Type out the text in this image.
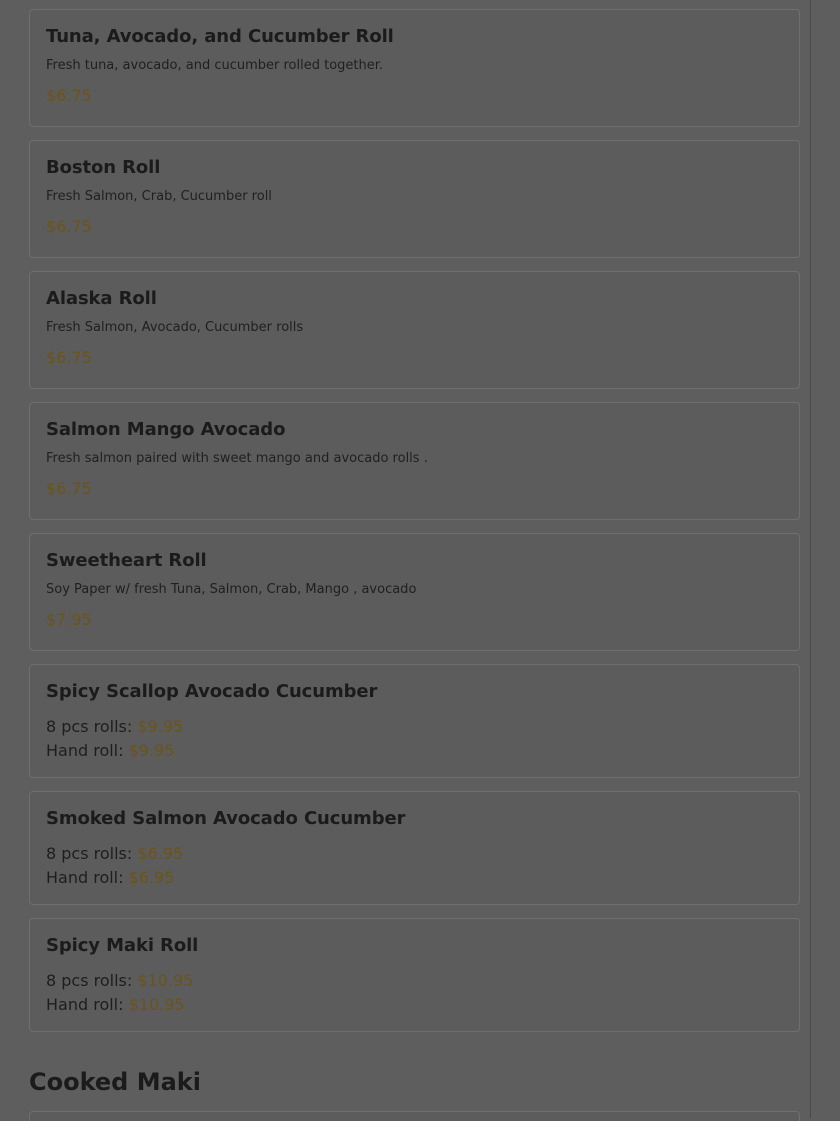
Tuna, Avocado, and Cucumber Roll
Fresh tuna, avocado, and cucumber rolled together.
$6.75
Boston Roll
Fresh Salmon, Crab, Cucumber roll
$6.75
Alaska Roll
Fresh Salmon, Avocado, Cucumber rolls
$6.75
Salmon Mango Avocado
Fresh salmon paired with sweet mango and avocado rolls .
$6.75
Sweetheart Roll
Soy Paper w/ fresh Tuna, Salmon, Crab, Mango , avocado
$7.95
Spicy Scallop Avocado Cucumber
8 pcs rolls: $9.95
Hand roll: $9.95
Smoked Salmon Avocado Cucumber
8 pcs rolls: $6.95
Hand roll: $6.95
Spicy Maki Roll
8 pcs rolls: $10.95
Hand roll: $10.95
Cooked Maki
